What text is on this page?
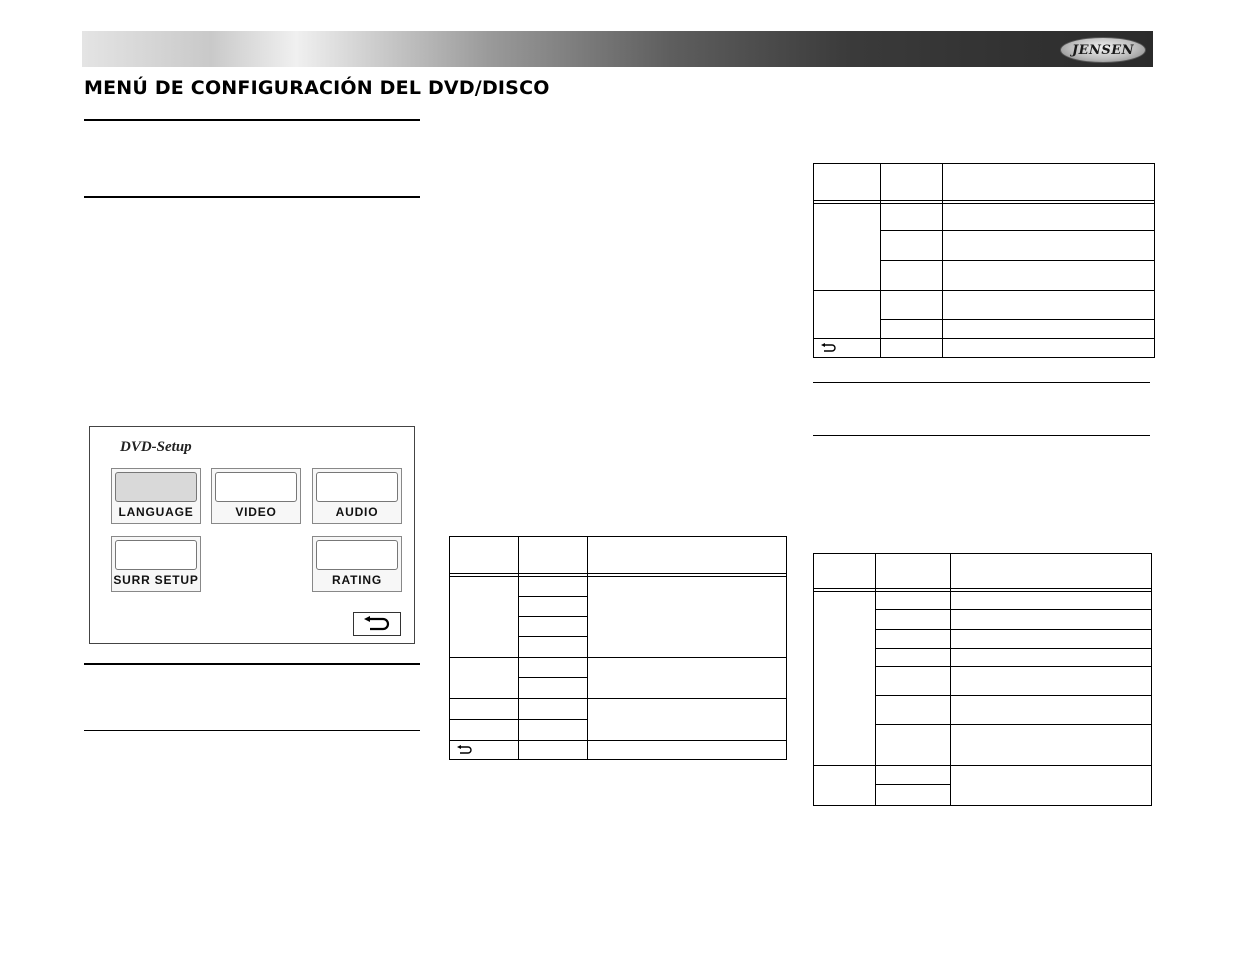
JENSEN
MENÚ DE CONFIGURACIÓN DEL DVD/DISCO
DVD-Setup
LANGUAGE	VIDEO	AUDIO
SURR SETUP	RATING
